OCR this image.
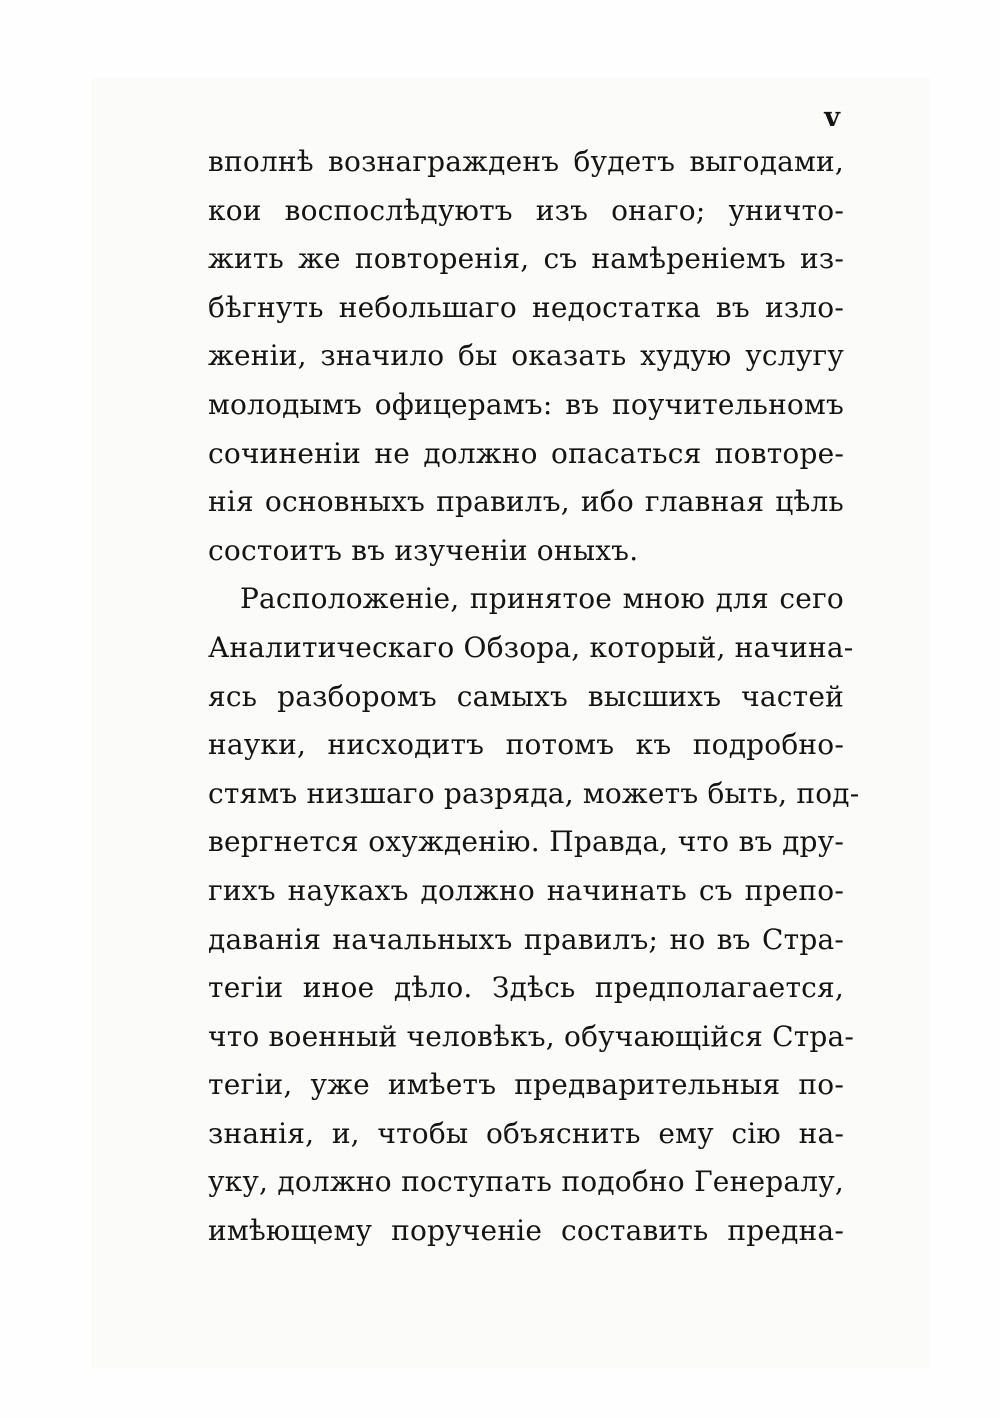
v
вполнѣ вознагражденъ будетъ выгодами,
кои воспослѣдуютъ изъ онаго; уничто-
жить же повторенія, съ намѣреніемъ из-
бѣгнуть небольшаго недостатка въ изло-
женіи, значило бы оказать худую услугу
молодымъ офицерамъ: въ поучительномъ
сочиненіи не должно опасаться повторе-
нія основныхъ правилъ, ибо главная цѣль
состоитъ въ изученіи оныхъ.
Расположеніе, принятое мною для сего
Аналитическаго Обзора, который, начина-
ясь разборомъ самыхъ высшихъ частей
науки, нисходитъ потомъ къ подробно-
стямъ низшаго разряда, можетъ быть, под-
вергнется охужденію. Правда, что въ дру-
гихъ наукахъ должно начинать съ препо-
даванія начальныхъ правилъ; но въ Стра-
тегіи иное дѣло. Здѣсь предполагается,
что военный человѣкъ, обучающійся Стра-
тегіи, уже имѣетъ предварительныя по-
знанія, и, чтобы объяснить ему сію на-
уку, должно поступать подобно Генералу,
имѣющему порученіе составить предна-
